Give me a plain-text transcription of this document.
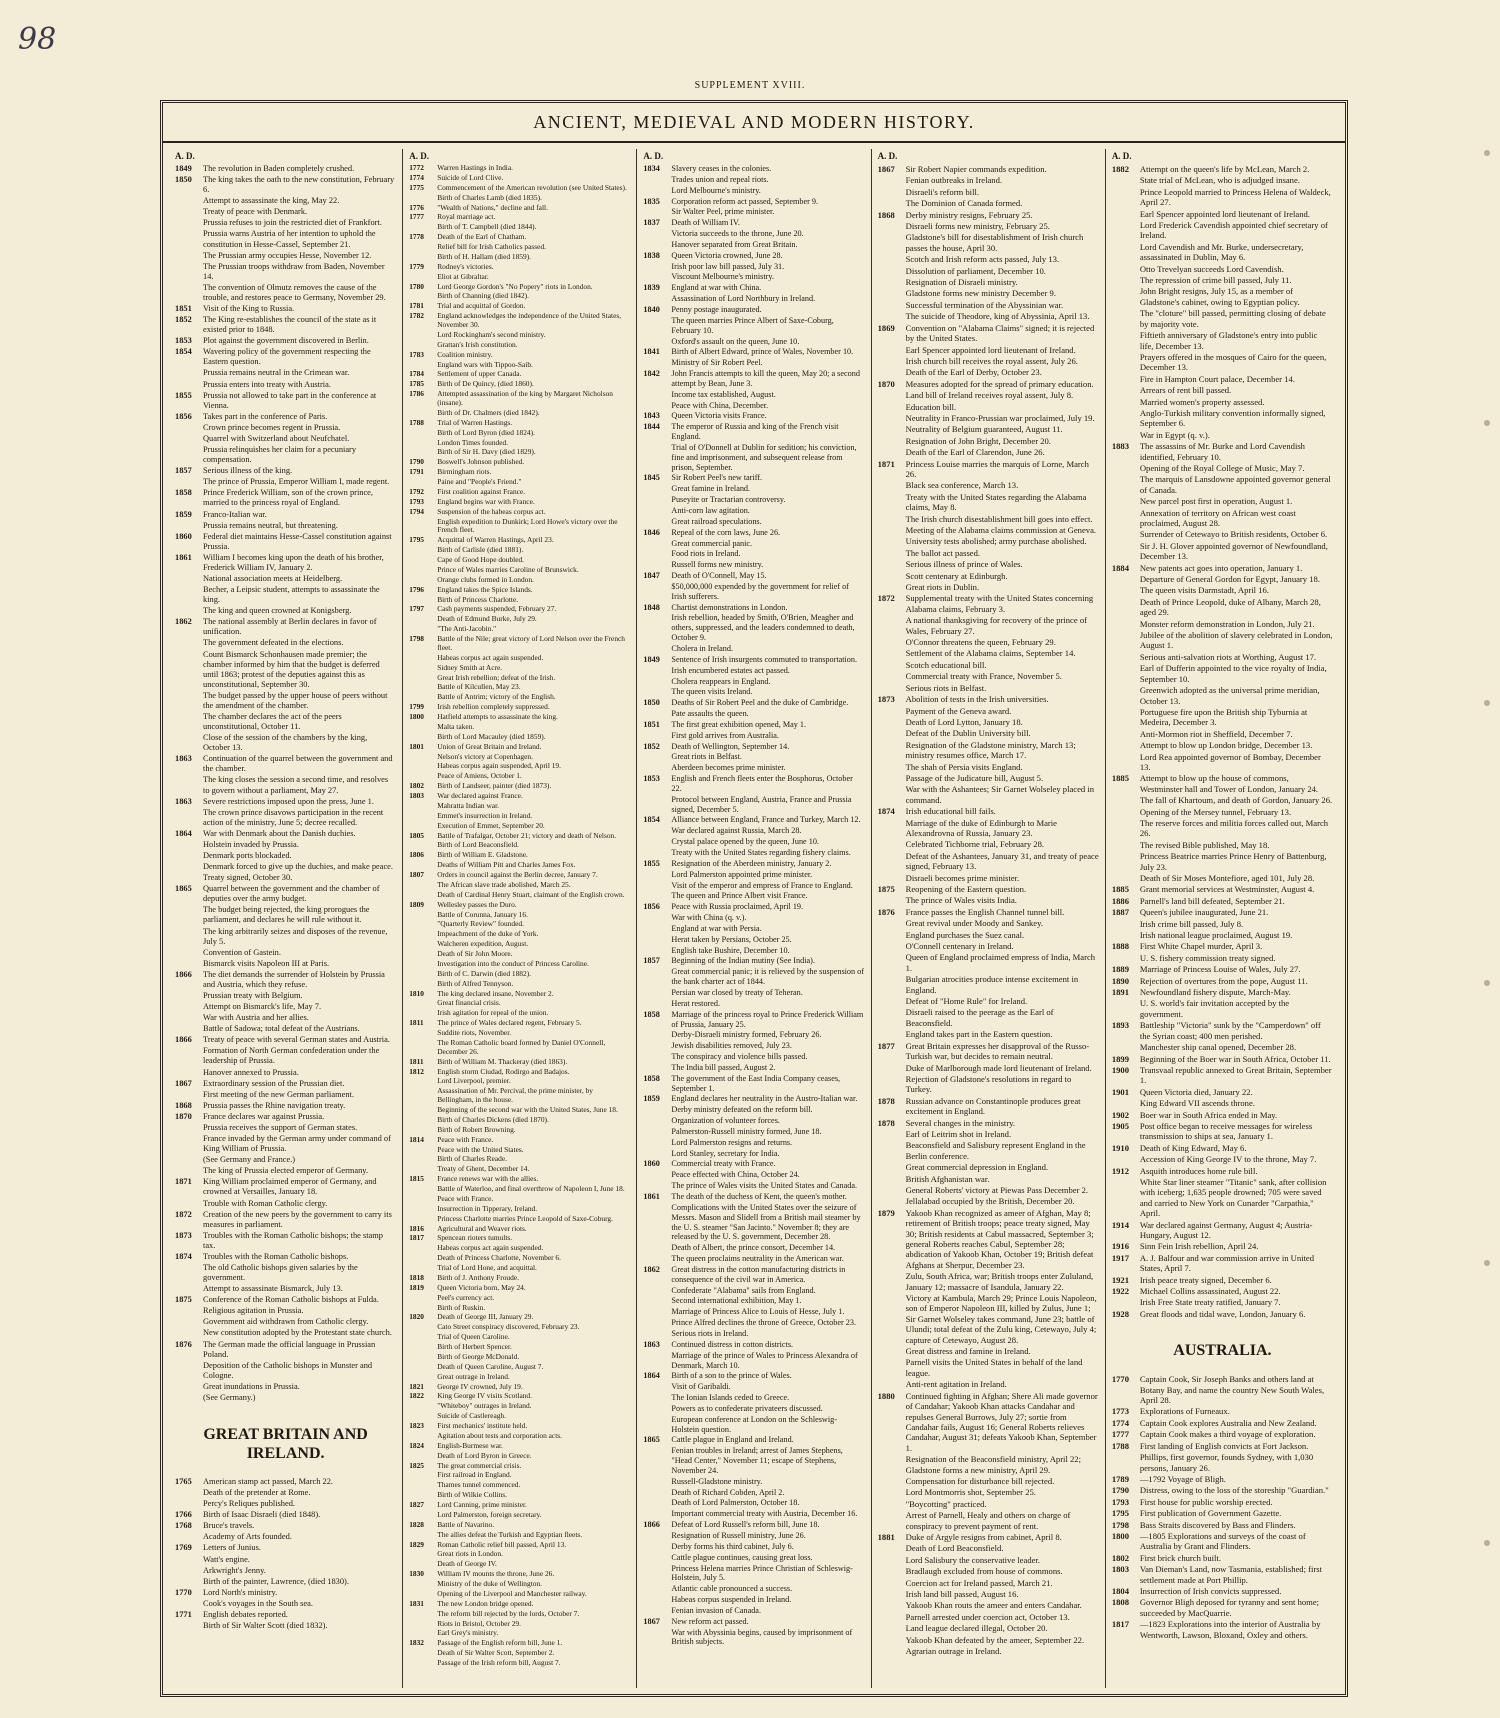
98
SUPPLEMENT XVIII.
ANCIENT, MEDIEVAL AND MODERN HISTORY.
A. D.
1849	The revolution in Baden completely crushed.
1850	The king takes the oath to the new constitution, February 6.
Attempt to assassinate the king, May 22.
Treaty of peace with Denmark.
Prussia refuses to join the restricted diet of Frankfort.
Prussia warns Austria of her intention to uphold the constitution in Hesse-Cassel, September 21.
The Prussian army occupies Hesse, November 12.
The Prussian troops withdraw from Baden, November 14.
The convention of Olmutz removes the cause of the trouble, and restores peace to Germany, November 29.
1851	Visit of the King to Russia.
1852	The King re-establishes the council of the state as it existed prior to 1848.
1853	Plot against the government discovered in Berlin.
1854	Wavering policy of the government respecting the Eastern question.
Prussia remains neutral in the Crimean war.
Prussia enters into treaty with Austria.
1855	Prussia not allowed to take part in the conference at Vienna.
1856	Takes part in the conference of Paris.
Crown prince becomes regent in Prussia.
Quarrel with Switzerland about Neufchatel.
Prussia relinquishes her claim for a pecuniary compensation.
1857	Serious illness of the king.
The prince of Prussia, Emperor William I, made regent.
1858	Prince Frederick William, son of the crown prince, married to the princess royal of England.
1859	Franco-Italian war.
Prussia remains neutral, but threatening.
1860	Federal diet maintains Hesse-Cassel constitution against Prussia.
1861	William I becomes king upon the death of his brother, Frederick William IV, January 2.
National association meets at Heidelberg.
Becher, a Leipsic student, attempts to assassinate the king.
The king and queen crowned at Konigsberg.
1862	The national assembly at Berlin declares in favor of unification.
The government defeated in the elections.
Count Bismarck Schonhausen made premier; the chamber informed by him that the budget is deferred until 1863; protest of the deputies against this as unconstitutional, September 30.
The budget passed by the upper house of peers without the amendment of the chamber.
The chamber declares the act of the peers unconstitutional, October 11.
Close of the session of the chambers by the king, October 13.
1863	Continuation of the quarrel between the government and the chamber.
The king closes the session a second time, and resolves to govern without a parliament, May 27.
1863	Severe restrictions imposed upon the press, June 1.
The crown prince disavows participation in the recent action of the ministry, June 5; decree recalled.
1864	War with Denmark about the Danish duchies.
Holstein invaded by Prussia.
Denmark ports blockaded.
Denmark forced to give up the duchies, and make peace.
Treaty signed, October 30.
1865	Quarrel between the government and the chamber of deputies over the army budget.
The budget being rejected, the king prorogues the parliament, and declares he will rule without it.
The king arbitrarily seizes and disposes of the revenue, July 5.
Convention of Gastein.
Bismarck visits Napoleon III at Paris.
1866	The diet demands the surrender of Holstein by Prussia and Austria, which they refuse.
Prussian treaty with Belgium.
Attempt on Bismarck's life, May 7.
War with Austria and her allies.
Battle of Sadowa; total defeat of the Austrians.
1866	Treaty of peace with several German states and Austria.
Formation of North German confederation under the leadership of Prussia.
Hanover annexed to Prussia.
1867	Extraordinary session of the Prussian diet.
First meeting of the new German parliament.
1868	Prussia passes the Rhine navigation treaty.
1870	France declares war against Prussia.
Prussia receives the support of German states.
France invaded by the German army under command of King William of Prussia.
(See Germany and France.)
The king of Prussia elected emperor of Germany.
1871	King William proclaimed emperor of Germany, and crowned at Versailles, January 18.
Trouble with Roman Catholic clergy.
1872	Creation of the new peers by the government to carry its measures in parliament.
1873	Troubles with the Roman Catholic bishops; the stamp tax.
1874	Troubles with the Roman Catholic bishops.
The old Catholic bishops given salaries by the government.
Attempt to assassinate Bismarck, July 13.
1875	Conference of the Roman Catholic bishops at Fulda.
Religious agitation in Prussia.
Government aid withdrawn from Catholic clergy.
New constitution adopted by the Protestant state church.
1876	The German made the official language in Prussian Poland.
Deposition of the Catholic bishops in Munster and Cologne.
Great inundations in Prussia.
(See Germany.)
GREAT BRITAIN AND IRELAND.
1765	American stamp act passed, March 22.
Death of the pretender at Rome.
Percy's Reliques published.
1766	Birth of Isaac Disraeli (died 1848).
1768	Bruce's travels.
Academy of Arts founded.
1769	Letters of Junius.
Watt's engine.
Arkwright's Jenny.
Birth of the painter, Lawrence, (died 1830).
1770	Lord North's ministry.
Cook's voyages in the South sea.
1771	English debates reported.
Birth of Sir Walter Scott (died 1832).
A. D.
1772	Warren Hastings in India.
1774	Suicide of Lord Clive.
1775	Commencement of the American revolution (see United States).
Birth of Charles Lamb (died 1835).
1776	"Wealth of Nations," decline and fall.
1777	Royal marriage act.
Birth of T. Campbell (died 1844).
1778	Death of the Earl of Chatham.
Relief bill for Irish Catholics passed.
Birth of H. Hallam (died 1859).
1779	Rodney's victories.
Eliot at Gibraltar.
1780	Lord George Gordon's "No Popery" riots in London.
Birth of Channing (died 1842).
1781	Trial and acquittal of Gordon.
1782	England acknowledges the independence of the United States, November 30.
Lord Rockingham's second ministry.
Grattan's Irish constitution.
1783	Coalition ministry.
England wars with Tippoo-Saib.
1784	Settlement of upper Canada.
1785	Birth of De Quincy, (died 1860).
1786	Attempted assassination of the king by Margaret Nicholson (insane).
Birth of Dr. Chalmers (died 1842).
1788	Trial of Warren Hastings.
Birth of Lord Byron (died 1824).
London Times founded.
Birth of Sir H. Davy (died 1829).
1790	Boswell's Johnson published.
1791	Birmingham riots.
Paine and "People's Friend."
1792	First coalition against France.
1793	England begins war with France.
1794	Suspension of the habeas corpus act.
English expedition to Dunkirk; Lord Howe's victory over the French fleet.
1795	Acquittal of Warren Hastings, April 23.
Birth of Carlisle (died 1881).
Cape of Good Hope doubled.
Prince of Wales marries Caroline of Brunswick.
Orange clubs formed in London.
1796	England takes the Spice Islands.
Birth of Princess Charlotte.
1797	Cash payments suspended, February 27.
Death of Edmund Burke, July 29.
"The Anti-Jacobin."
1798	Battle of the Nile; great victory of Lord Nelson over the French fleet.
Habeas corpus act again suspended.
Sidney Smith at Acre.
Great Irish rebellion; defeat of the Irish.
Battle of Kilcullen, May 23.
Battle of Antrim; victory of the English.
1799	Irish rebellion completely suppressed.
1800	Hatfield attempts to assassinate the king.
Malta taken.
Birth of Lord Macauley (died 1859).
1801	Union of Great Britain and Ireland.
Nelson's victory at Copenhagen.
Habeas corpus again suspended, April 19.
Peace of Amiens, October 1.
1802	Birth of Landseer, painter (died 1873).
1803	War declared against France.
Mahratta Indian war.
Emmet's insurrection in Ireland.
Execution of Emmet, September 20.
1805	Battle of Trafalgar, October 21; victory and death of Nelson.
Birth of Lord Beaconsfield.
1806	Birth of William E. Gladstone.
Deaths of William Pitt and Charles James Fox.
1807	Orders in council against the Berlin decree, January 7.
The African slave trade abolished, March 25.
Death of Cardinal Henry Stuart, claimant of the English crown.
1809	Wellesley passes the Duro.
Battle of Corunna, January 16.
"Quarterly Review" founded.
Impeachment of the duke of York.
Walcheren expedition, August.
Death of Sir John Moore.
Investigation into the conduct of Princess Caroline.
Birth of C. Darwin (died 1882).
Birth of Alfred Tennyson.
1810	The king declared insane, November 2.
Great financial crisis.
Irish agitation for repeal of the union.
1811	The prince of Wales declared regent, February 5.
Suddite riots, November.
The Roman Catholic board formed by Daniel O'Connell, December 26.
1811	Birth of William M. Thackeray (died 1863).
1812	English storm Ciudad, Rodirgo and Badajos.
Lord Liverpool, premier.
Assassination of Mr. Percival, the prime minister, by Bellingham, in the house.
Beginning of the second war with the United States, June 18.
Birth of Charles Dickens (died 1870).
Birth of Robert Browning.
1814	Peace with France.
Peace with the United States.
Birth of Charles Reade.
Treaty of Ghent, December 14.
1815	France renews war with the allies.
Battle of Waterloo, and final overthrow of Napoleon I, June 18.
Peace with France.
Insurrection in Tipperary, Ireland.
Princess Charlotte marries Prince Leopold of Saxe-Coburg.
1816	Agricultural and Weaver riots.
1817	Spencean rioters tumults.
Habeas corpus act again suspended.
Death of Princess Charlotte, November 6.
Trial of Lord Hone, and acquittal.
1818	Birth of J. Anthony Froude.
1819	Queen Victoria born, May 24.
Peel's currency act.
Birth of Ruskin.
1820	Death of George III, January 29.
Cato Street conspiracy discovered, February 23.
Trial of Queen Caroline.
Birth of Herbert Spencer.
Birth of George McDonald.
Death of Queen Caroline, August 7.
Great outrage in Ireland.
1821	George IV crowned, July 19.
1822	King George IV visits Scotland.
"Whiteboy" outrages in Ireland.
Suicide of Castlereagh.
1823	First mechanics' institute held.
Agitation about tests and corporation acts.
1824	English-Burmese war.
Death of Lord Byron in Greece.
1825	The great commercial crisis.
First railroad in England.
Thames tunnel commenced.
Birth of Wilkie Collins.
1827	Lord Canning, prime minister.
Lord Palmerston, foreign secretary.
1828	Battle of Navarino.
The allies defeat the Turkish and Egyptian fleets.
1829	Roman Catholic relief bill passed, April 13.
Great riots in London.
Death of George IV.
1830	William IV mounts the throne, June 26.
Ministry of the duke of Wellington.
Opening of the Liverpool and Manchester railway.
1831	The new London bridge opened.
The reform bill rejected by the lords, October 7.
Riots in Bristol, October 29.
Earl Grey's ministry.
1832	Passage of the English reform bill, June 1.
Death of Sir Walter Scott, September 2.
Passage of the Irish reform bill, August 7.
A. D.
1834	Slavery ceases in the colonies.
Trades union and repeal riots.
Lord Melbourne's ministry.
1835	Corporation reform act passed, September 9.
Sir Walter Peel, prime minister.
1837	Death of William IV.
Victoria succeeds to the throne, June 20.
Hanover separated from Great Britain.
1838	Queen Victoria crowned, June 28.
Irish poor law bill passed, July 31.
Viscount Melbourne's ministry.
1839	England at war with China.
Assassination of Lord Northbury in Ireland.
1840	Penny postage inaugurated.
The queen marries Prince Albert of Saxe-Coburg, February 10.
Oxford's assault on the queen, June 10.
1841	Birth of Albert Edward, prince of Wales, November 10.
Ministry of Sir Robert Peel.
1842	John Francis attempts to kill the queen, May 20; a second attempt by Bean, June 3.
Income tax established, August.
Peace with China, December.
1843	Queen Victoria visits France.
1844	The emperor of Russia and king of the French visit England.
Trial of O'Donnell at Dublin for sedition; his conviction, fine and imprisonment, and subsequent release from prison, September.
1845	Sir Robert Peel's new tariff.
Great famine in Ireland.
Puseyite or Tractarian controversy.
Anti-corn law agitation.
Great railroad speculations.
1846	Repeal of the corn laws, June 26.
Great commercial panic.
Food riots in Ireland.
Russell forms new ministry.
1847	Death of O'Connell, May 15.
$50,000,000 expended by the government for relief of Irish sufferers.
1848	Chartist demonstrations in London.
Irish rebellion, headed by Smith, O'Brien, Meagher and others, suppressed, and the leaders condemned to death, October 9.
Cholera in Ireland.
1849	Sentence of Irish insurgents commuted to transportation.
Irish encumbered estates act passed.
Cholera reappears in England.
The queen visits Ireland.
1850	Deaths of Sir Robert Peel and the duke of Cambridge.
Pate assaults the queen.
1851	The first great exhibition opened, May 1.
First gold arrives from Australia.
1852	Death of Wellington, September 14.
Great riots in Belfast.
Aberdeen becomes prime minister.
1853	English and French fleets enter the Bosphorus, October 22.
Protocol between England, Austria, France and Prussia signed, December 5.
1854	Alliance between England, France and Turkey, March 12.
War declared against Russia, March 28.
Crystal palace opened by the queen, June 10.
Treaty with the United States regarding fishery claims.
1855	Resignation of the Aberdeen ministry, January 2.
Lord Palmerston appointed prime minister.
Visit of the emperor and empress of France to England.
The queen and Prince Albert visit France.
1856	Peace with Russia proclaimed, April 19.
War with China (q. v.).
England at war with Persia.
Herat taken by Persians, October 25.
English take Bushire, December 10.
1857	Beginning of the Indian mutiny (See India).
Great commercial panic; it is relieved by the suspension of the bank charter act of 1844.
Persian war closed by treaty of Teheran.
Herat restored.
1858	Marriage of the princess royal to Prince Frederick William of Prussia, January 25.
Derby-Disraeli ministry formed, February 26.
Jewish disabilities removed, July 23.
The conspiracy and violence bills passed.
The India bill passed, August 2.
1858	The government of the East India Company ceases, September 1.
1859	England declares her neutrality in the Austro-Italian war.
Derby ministry defeated on the reform bill.
Organization of volunteer forces.
Palmerston-Russell ministry formed, June 18.
Lord Palmerston resigns and returns.
Lord Stanley, secretary for India.
1860	Commercial treaty with France.
Peace effected with China, October 24.
The prince of Wales visits the United States and Canada.
1861	The death of the duchess of Kent, the queen's mother.
Complications with the United States over the seizure of Messrs. Mason and Slidell from a British mail steamer by the U. S. steamer "San Jacinto." November 8; they are released by the U. S. government, December 28.
Death of Albert, the prince consort, December 14.
The queen proclaims neutrality in the American war.
1862	Great distress in the cotton manufacturing districts in consequence of the civil war in America.
Confederate "Alabama" sails from England.
Second international exhibition, May 1.
Marriage of Princess Alice to Louis of Hesse, July 1.
Prince Alfred declines the throne of Greece, October 23.
Serious riots in Ireland.
1863	Continued distress in cotton districts.
Marriage of the prince of Wales to Princess Alexandra of Denmark, March 10.
1864	Birth of a son to the prince of Wales.
Visit of Garibaldi.
The Ionian Islands ceded to Greece.
Powers as to confederate privateers discussed.
European conference at London on the Schleswig-Holstein question.
1865	Cattle plague in England and Ireland.
Fenian troubles in Ireland; arrest of James Stephens, "Head Center," November 11; escape of Stephens, November 24.
Russell-Gladstone ministry.
Death of Richard Cobden, April 2.
Death of Lord Palmerston, October 18.
Important commercial treaty with Austria, December 16.
1866	Defeat of Lord Russell's reform bill, June 18.
Resignation of Russell ministry, June 26.
Derby forms his third cabinet, July 6.
Cattle plague continues, causing great loss.
Princess Helena marries Prince Christian of Schleswig-Holstein, July 5.
Atlantic cable pronounced a success.
Habeas corpus suspended in Ireland.
Fenian invasion of Canada.
1867	New reform act passed.
War with Abyssinia begins, caused by imprisonment of British subjects.
A. D.
1867	Sir Robert Napier commands expedition.
Fenian outbreaks in Ireland.
Disraeli's reform bill.
The Dominion of Canada formed.
1868	Derby ministry resigns, February 25.
Disraeli forms new ministry, February 25.
Gladstone's bill for disestablishment of Irish church passes the house, April 30.
Scotch and Irish reform acts passed, July 13.
Dissolution of parliament, December 10.
Resignation of Disraeli ministry.
Gladstone forms new ministry December 9.
Successful termination of the Abyssinian war.
The suicide of Theodore, king of Abyssinia, April 13.
1869	Convention on "Alabama Claims" signed; it is rejected by the United States.
Earl Spencer appointed lord lieutenant of Ireland.
Irish church bill receives the royal assent, July 26.
Death of the Earl of Derby, October 23.
1870	Measures adopted for the spread of primary education.
Land bill of Ireland receives royal assent, July 8.
Education bill.
Neutrality in Franco-Prussian war proclaimed, July 19.
Neutrality of Belgium guaranteed, August 11.
Resignation of John Bright, December 20.
Death of the Earl of Clarendon, June 26.
1871	Princess Louise marries the marquis of Lorne, March 26.
Black sea conference, March 13.
Treaty with the United States regarding the Alabama claims, May 8.
The Irish church disestablishment bill goes into effect.
Meeting of the Alabama claims commission at Geneva.
University tests abolished; army purchase abolished.
The ballot act passed.
Serious illness of prince of Wales.
Scott centenary at Edinburgh.
Great riots in Dublin.
1872	Supplemental treaty with the United States concerning Alabama claims, February 3.
A national thanksgiving for recovery of the prince of Wales, February 27.
O'Connor threatens the queen, February 29.
Settlement of the Alabama claims, September 14.
Scotch educational bill.
Commercial treaty with France, November 5.
Serious riots in Belfast.
1873	Abolition of tests in the Irish universities.
Payment of the Geneva award.
Death of Lord Lytton, January 18.
Defeat of the Dublin University bill.
Resignation of the Gladstone ministry, March 13; ministry resumes office, March 17.
The shah of Persia visits England.
Passage of the Judicature bill, August 5.
War with the Ashantees; Sir Garnet Wolseley placed in command.
1874	Irish educational bill fails.
Marriage of the duke of Edinburgh to Marie Alexandrovna of Russia, January 23.
Celebrated Tichborne trial, February 28.
Defeat of the Ashantees, January 31, and treaty of peace signed, February 13.
Disraeli becomes prime minister.
1875	Reopening of the Eastern question.
The prince of Wales visits India.
1876	France passes the English Channel tunnel bill.
Great revival under Moody and Sankey.
England purchases the Suez canal.
O'Connell centenary in Ireland.
Queen of England proclaimed empress of India, March 1.
Bulgarian atrocities produce intense excitement in England.
Defeat of "Home Rule" for Ireland.
Disraeli raised to the peerage as the Earl of Beaconsfield.
England takes part in the Eastern question.
1877	Great Britain expresses her disapproval of the Russo-Turkish war, but decides to remain neutral.
Duke of Marlborough made lord lieutenant of Ireland.
Rejection of Gladstone's resolutions in regard to Turkey.
1878	Russian advance on Constantinople produces great excitement in England.
1878	Several changes in the ministry.
Earl of Leitrim shot in Ireland.
Beaconsfield and Salisbury represent England in the Berlin conference.
Great commercial depression in England.
British Afghanistan war.
General Roberts' victory at Piewas Pass December 2.
Jellalabad occupied by the British, December 20.
1879	Yakoob Khan recognized as ameer of Afghan, May 8; retirement of British troops; peace treaty signed, May 30; British residents at Cabul massacred, September 3; general Roberts reaches Cabul, September 28; abdication of Yakoob Khan, October 19; British defeat Afghans at Sherpur, December 23.
Zulu, South Africa, war; British troops enter Zululand, January 12; massacre of Isandula, January 22.
Victory at Kambula, March 29; Prince Louis Napoleon, son of Emperor Napoleon III, killed by Zulus, June 1; Sir Garnet Wolseley takes command, June 23; battle of Ulundi; total defeat of the Zulu king, Cetewayo, July 4; capture of Cetewayo, August 28.
Great distress and famine in Ireland.
Parnell visits the United States in behalf of the land league.
Anti-rent agitation in Ireland.
1880	Continued fighting in Afghan; Shere Ali made governor of Candahar; Yakoob Khan attacks Candahar and repulses General Burrows, July 27; sortie from Candahar fails, August 16; General Roberts relieves Candahar, August 31; defeats Yakoob Khan, September 1.
Resignation of the Beaconsfield ministry, April 22; Gladstone forms a new ministry, April 29.
Compensation for disturbance bill rejected.
Lord Montmorris shot, September 25.
"Boycotting" practiced.
Arrest of Parnell, Healy and others on charge of conspiracy to prevent payment of rent.
1881	Duke of Argyle resigns from cabinet, April 8.
Death of Lord Beaconsfield.
Lord Salisbury the conservative leader.
Bradlaugh excluded from house of commons.
Coercion act for Ireland passed, March 21.
Irish land bill passed, August 16.
Yakoob Khan routs the ameer and enters Candahar.
Parnell arrested under coercion act, October 13.
Land league declared illegal, October 20.
Yakoob Khan defeated by the ameer, September 22.
Agrarian outrage in Ireland.
A. D.
1882	Attempt on the queen's life by McLean, March 2.
State trial of McLean, who is adjudged insane.
Prince Leopold married to Princess Helena of Waldeck, April 27.
Earl Spencer appointed lord lieutenant of Ireland.
Lord Frederick Cavendish appointed chief secretary of Ireland.
Lord Cavendish and Mr. Burke, undersecretary, assassinated in Dublin, May 6.
Otto Trevelyan succeeds Lord Cavendish.
The repression of crime bill passed, July 11.
John Bright resigns, July 15, as a member of Gladstone's cabinet, owing to Egyptian policy.
The "cloture" bill passed, permitting closing of debate by majority vote.
Fiftieth anniversary of Gladstone's entry into public life, December 13.
Prayers offered in the mosques of Cairo for the queen, December 13.
Fire in Hampton Court palace, December 14.
Arrears of rent bill passed.
Married women's property assessed.
Anglo-Turkish military convention informally signed, September 6.
War in Egypt (q. v.).
1883	The assassins of Mr. Burke and Lord Cavendish identified, February 10.
Opening of the Royal College of Music, May 7.
The marquis of Lansdowne appointed governor general of Canada.
New parcel post first in operation, August 1.
Annexation of territory on African west coast proclaimed, August 28.
Surrender of Cetewayo to British residents, October 6.
Sir J. H. Glover appointed governor of Newfoundland, December 13.
1884	New patents act goes into operation, January 1.
Departure of General Gordon for Egypt, January 18.
The queen visits Darmstadt, April 16.
Death of Prince Leopold, duke of Albany, March 28, aged 29.
Monster reform demonstration in London, July 21.
Jubilee of the abolition of slavery celebrated in London, August 1.
Serious anti-salvation riots at Worthing, August 17.
Earl of Dufferin appointed to the vice royalty of India, September 10.
Greenwich adopted as the universal prime meridian, October 13.
Portuguese fire upon the British ship Tyburnia at Medeira, December 3.
Anti-Mormon riot in Sheffield, December 7.
Attempt to blow up London bridge, December 13.
Lord Rea appointed governor of Bombay, December 13.
1885	Attempt to blow up the house of commons, Westminster hall and Tower of London, January 24.
The fall of Khartoum, and death of Gordon, January 26.
Opening of the Mersey tunnel, February 13.
The reserve forces and militia forces called out, March 26.
The revised Bible published, May 18.
Princess Beatrice marries Prince Henry of Battenburg, July 23.
Death of Sir Moses Montefiore, aged 101, July 28.
1885	Grant memorial services at Westminster, August 4.
1886	Parnell's land bill defeated, September 21.
1887	Queen's jubilee inaugurated, June 21.
Irish crime bill passed, July 8.
Irish national league proclaimed, August 19.
1888	First White Chapel murder, April 3.
U. S. fishery commission treaty signed.
1889	Marriage of Princess Louise of Wales, July 27.
1890	Rejection of overtures from the pope, August 11.
1891	Newfoundland fishery dispute, March-May.
U. S. world's fair invitation accepted by the government.
1893	Battleship "Victoria" sunk by the "Camperdown" off the Syrian coast; 400 men perished.
Manchester ship canal opened, December 28.
1899	Beginning of the Boer war in South Africa, October 11.
1900	Transvaal republic annexed to Great Britain, September 1.
1901	Queen Victoria died, January 22.
King Edward VII ascends throne.
1902	Boer war in South Africa ended in May.
1905	Post office began to receive messages for wireless transmission to ships at sea, January 1.
1910	Death of King Edward, May 6.
Accession of King George IV to the throne, May 7.
1912	Asquith introduces home rule bill.
White Star liner steamer "Titanic" sank, after collision with iceberg; 1,635 people drowned; 705 were saved and carried to New York on Cunarder "Carpathia," April.
1914	War declared against Germany, August 4; Austria-Hungary, August 12.
1916	Sinn Fein Irish rebellion, April 24.
1917	A. J. Balfour and war commission arrive in United States, April 7.
1921	Irish peace treaty signed, December 6.
1922	Michael Collins assassinated, August 22.
Irish Free State treaty ratified, January 7.
1928	Great floods and tidal wave, London, January 6.
AUSTRALIA.
1770	Captain Cook, Sir Joseph Banks and others land at Botany Bay, and name the country New South Wales, April 28.
1773	Explorations of Furneaux.
1774	Captain Cook explores Australia and New Zealand.
1777	Captain Cook makes a third voyage of exploration.
1788	First landing of English convicts at Fort Jackson.
Phillips, first governor, founds Sydney, with 1,030 persons, January 26.
1789	—1792 Voyage of Bligh.
1790	Distress, owing to the loss of the storeship "Guardian."
1793	First house for public worship erected.
1795	First publication of Government Gazette.
1798	Bass Straits discovered by Bass and Flinders.
1800	—1805 Explorations and surveys of the coast of Australia by Grant and Flinders.
1802	First brick church built.
1803	Van Dieman's Land, now Tasmania, established; first settlement made at Port Phillip.
1804	Insurrection of Irish convicts suppressed.
1808	Governor Bligh deposed for tyranny and sent home; succeeded by MacQuarrie.
1817	—1823 Explorations into the interior of Australia by Wentworth, Lawson, Bloxand, Oxley and others.
